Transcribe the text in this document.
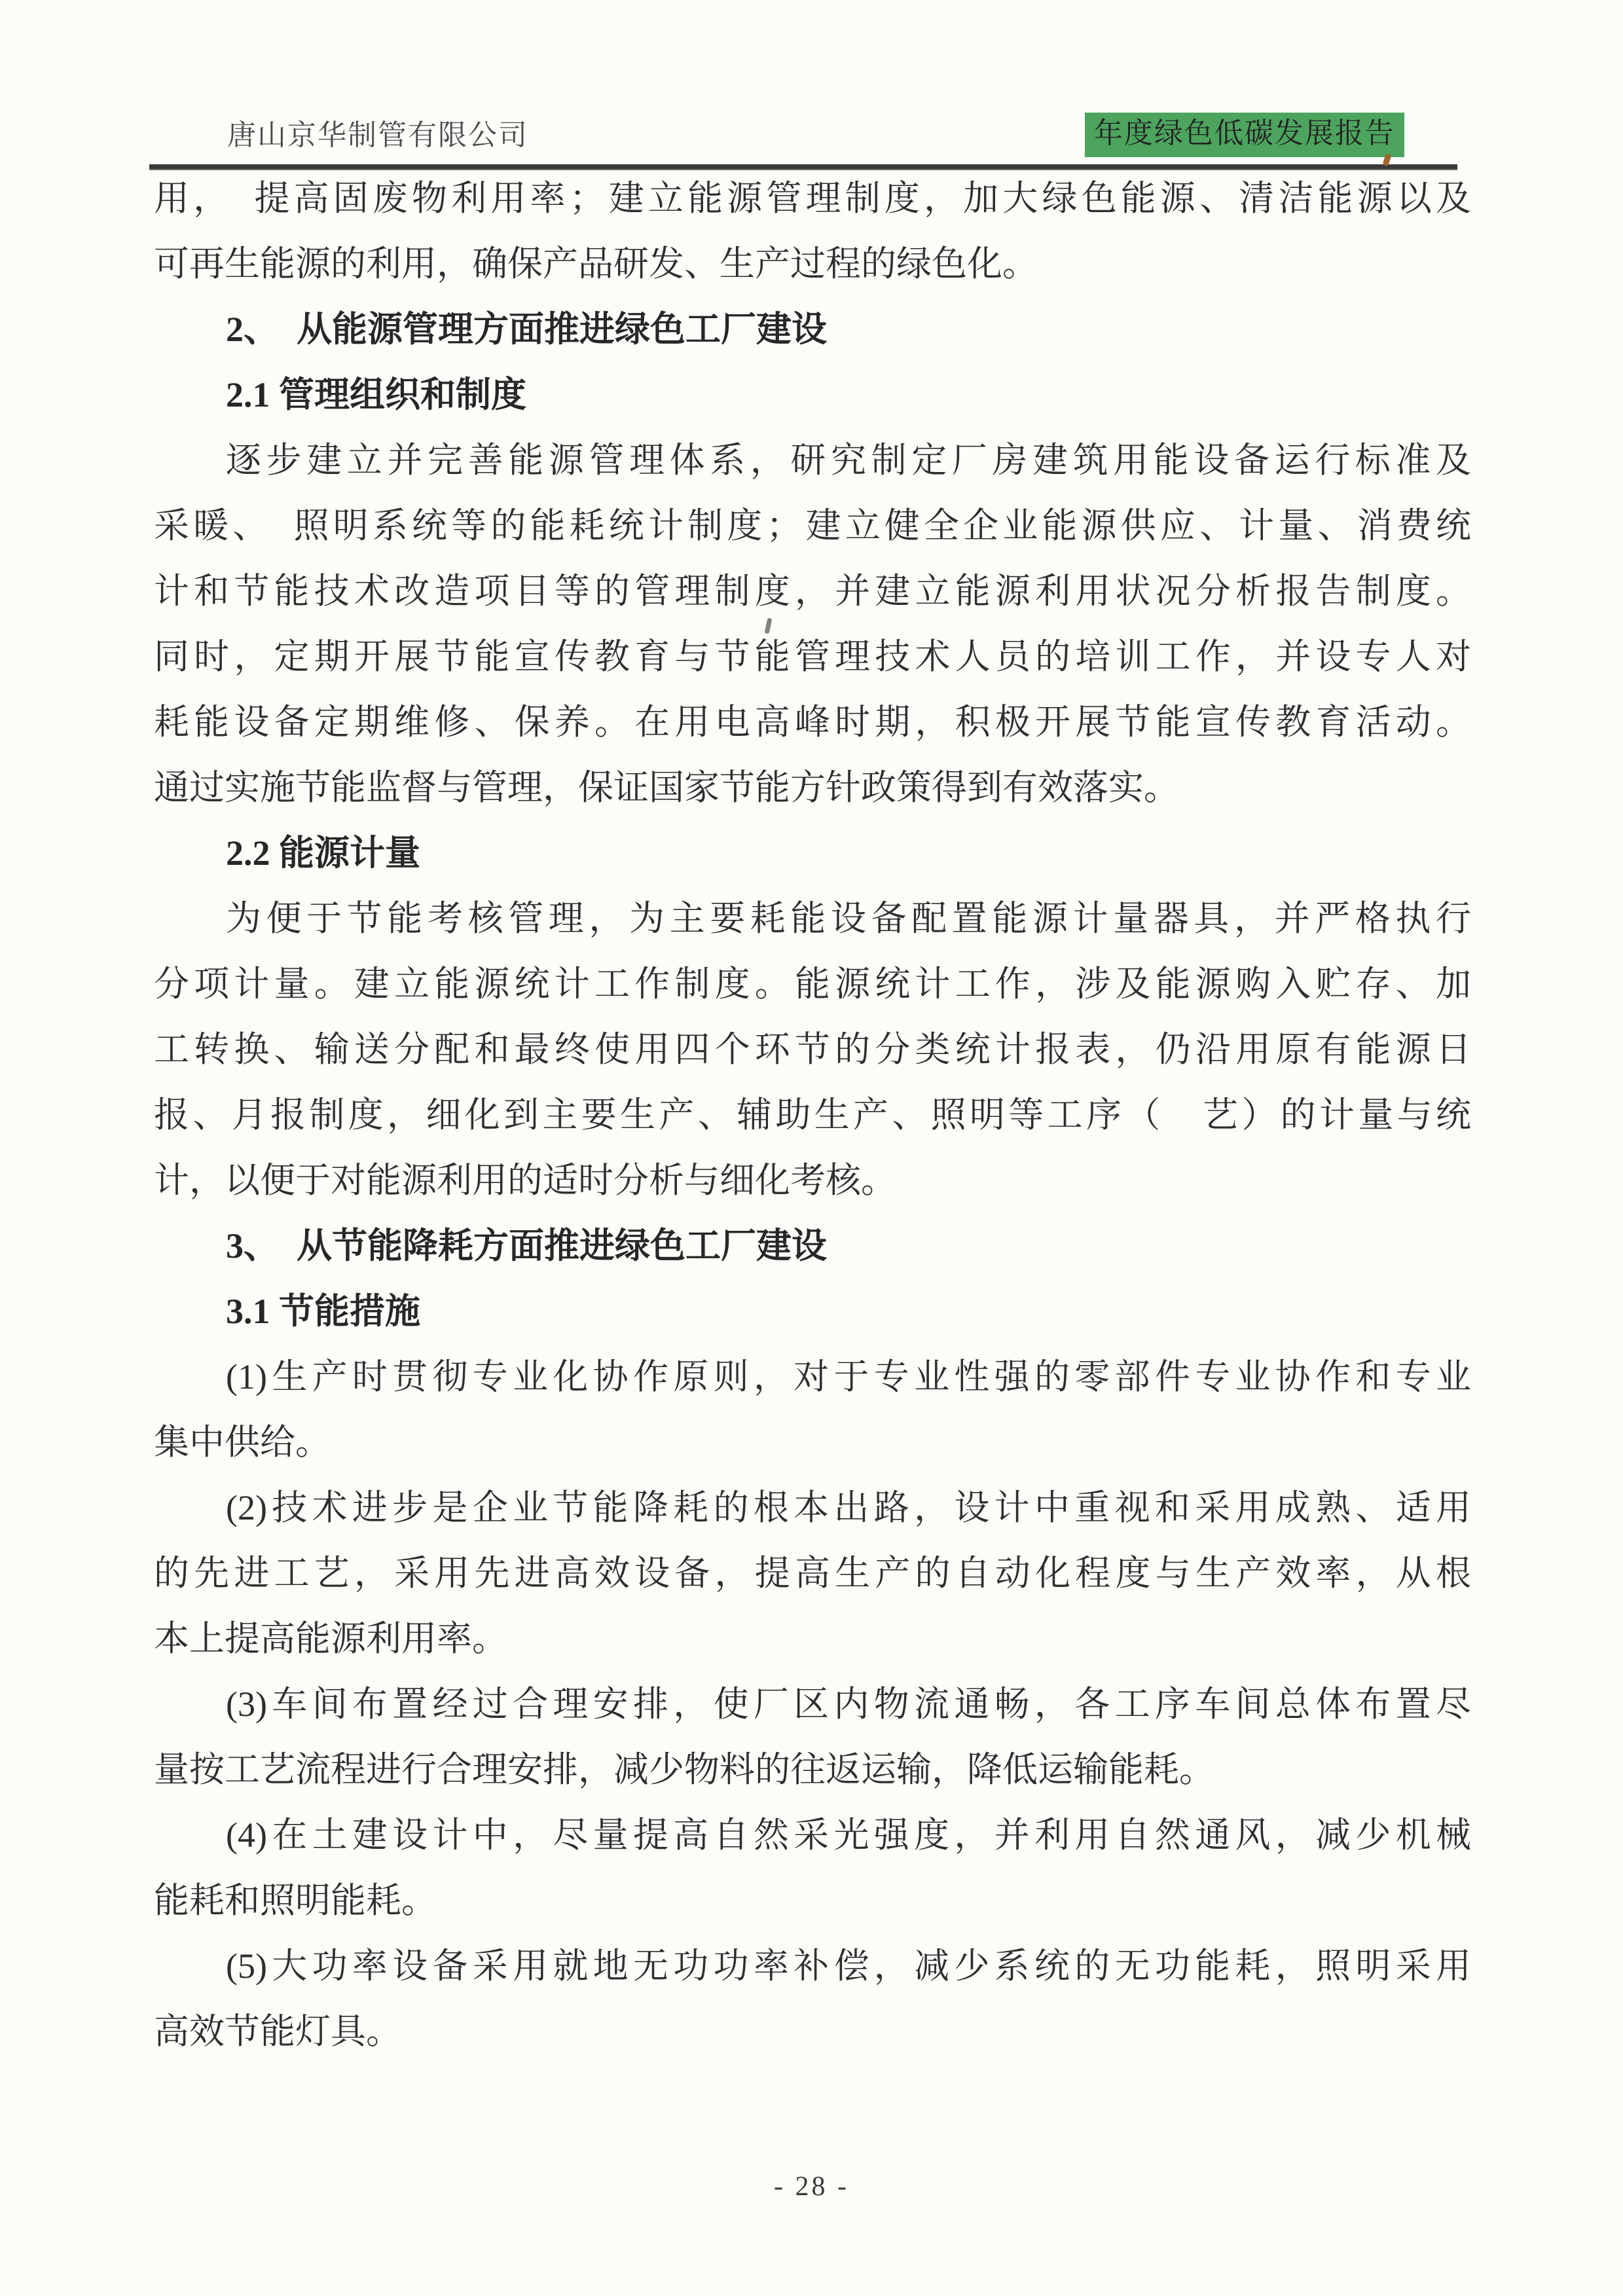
唐山京华制管有限公司	年度绿色低碳发展报告
用，　提高固废物利用率；建立能源管理制度，加大绿色能源、清洁能源以及
可再生能源的利用，确保产品研发、生产过程的绿色化。
2、　从能源管理方面推进绿色工厂建设
2.1 管理组织和制度
逐步建立并完善能源管理体系，研究制定厂房建筑用能设备运行标准及
采暖、　照明系统等的能耗统计制度；建立健全企业能源供应、计量、消费统
计和节能技术改造项目等的管理制度，并建立能源利用状况分析报告制度。
同时，定期开展节能宣传教育与节能管理技术人员的培训工作，并设专人对
耗能设备定期维修、保养。在用电高峰时期，积极开展节能宣传教育活动。
通过实施节能监督与管理，保证国家节能方针政策得到有效落实。
2.2 能源计量
为便于节能考核管理，为主要耗能设备配置能源计量器具，并严格执行
分项计量。建立能源统计工作制度。能源统计工作，涉及能源购入贮存、加
工转换、输送分配和最终使用四个环节的分类统计报表，仍沿用原有能源日
报、月报制度，细化到主要生产、辅助生产、照明等工序（　艺）的计量与统
计，以便于对能源利用的适时分析与细化考核。
3、　从节能降耗方面推进绿色工厂建设
3.1 节能措施
(1)生产时贯彻专业化协作原则，对于专业性强的零部件专业协作和专业
集中供给。
(2)技术进步是企业节能降耗的根本出路，设计中重视和采用成熟、适用
的先进工艺，采用先进高效设备，提高生产的自动化程度与生产效率，从根
本上提高能源利用率。
(3)车间布置经过合理安排，使厂区内物流通畅，各工序车间总体布置尽
量按工艺流程进行合理安排，减少物料的往返运输，降低运输能耗。
(4)在土建设计中，尽量提高自然采光强度，并利用自然通风，减少机械
能耗和照明能耗。
(5)大功率设备采用就地无功功率补偿，减少系统的无功能耗，照明采用
高效节能灯具。
- 28 -
